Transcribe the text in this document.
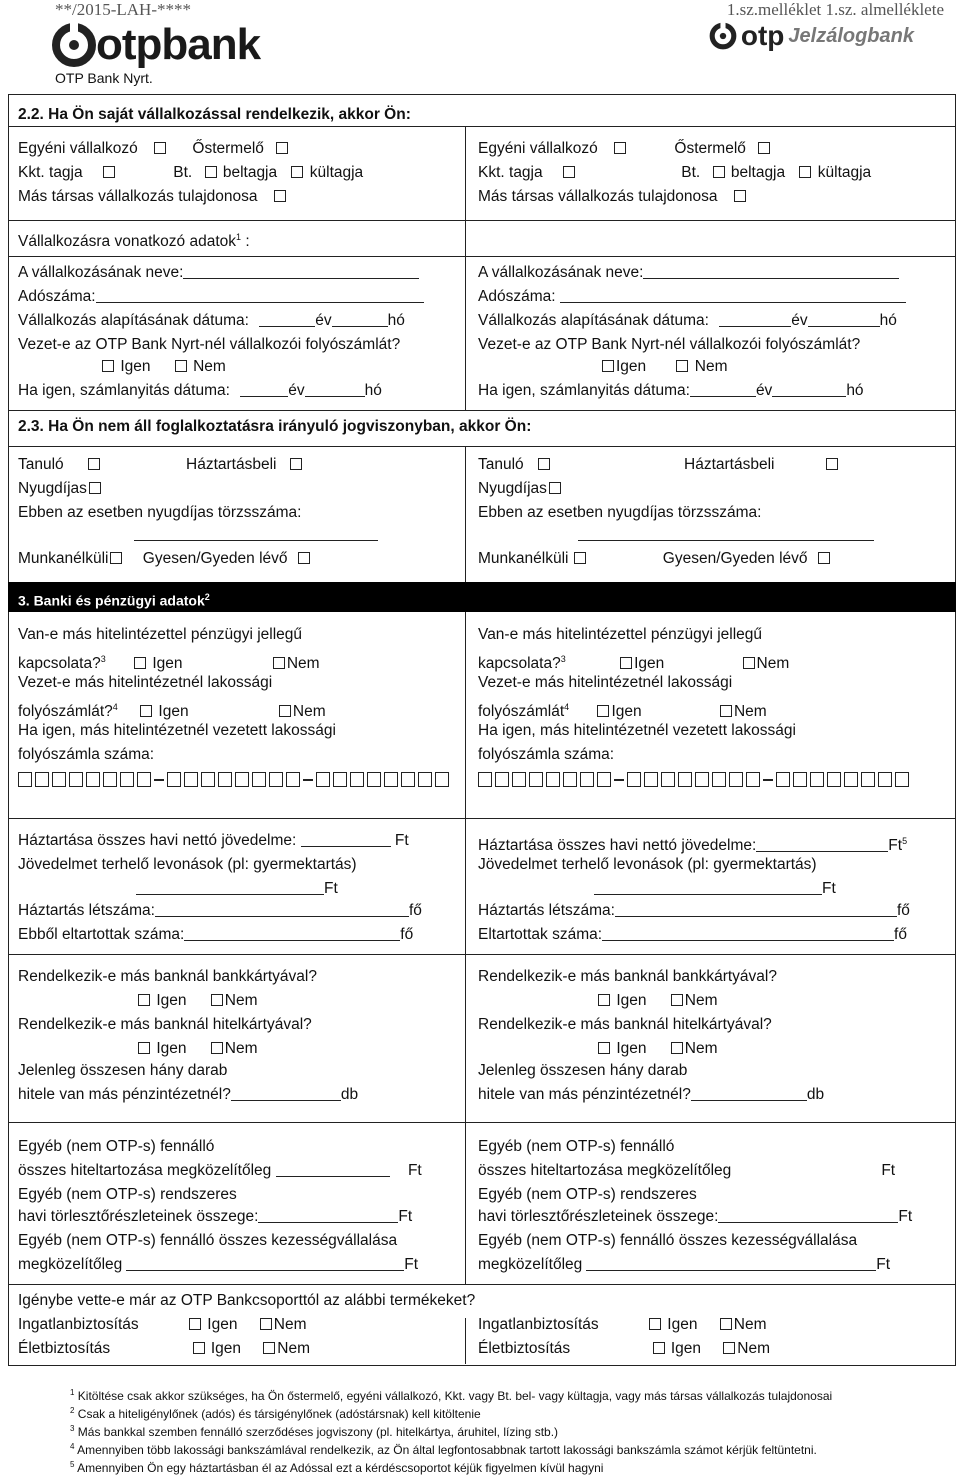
**/2015-LAH-****	1.sz.melléklet 1.sz. almelléklete
otpbank
OTP Bank Nyrt.
otp Jelzálogbank
2.2. Ha Ön saját vállalkozással rendelkezik, akkor Ön:
Egyéni vállalkozó	Őstermelő
Kkt. tagja	Bt. beltagja kültagja
Más társas vállalkozás tulajdonosa
Egyéni vállalkozó	Őstermelő
Kkt. tagja	Bt. beltagja kültagja
Más társas vállalkozás tulajdonosa
Vállalkozásra vonatkozó adatok$^1$ :
A vállalkozásának neve:
Adószáma:
Vállalkozás alapításának dátuma:	év	hó
Vezet-e az OTP Bank Nyrt-nél vállalkozói folyószámlát?
Igen	Nem
Ha igen, számlanyitás dátuma:	év	hó
A vállalkozásának neve:
Adószáma:
Vállalkozás alapításának dátuma:	év	hó
Vezet-e az OTP Bank Nyrt-nél vállalkozói folyószámlát?
Igen	Nem
Ha igen, számlanyitás dátuma:	év	hó
2.3. Ha Ön nem áll foglalkoztatásra irányuló jogviszonyban, akkor Ön:
Tanuló	Háztartásbeli
Nyugdíjas
Ebben az esetben nyugdíjas törzsszáma:
Munkanélküli Gyesen/Gyeden lévő
Tanuló	Háztartásbeli
Nyugdíjas
Ebben az esetben nyugdíjas törzsszáma:
Munkanélküli	Gyesen/Gyeden lévő
3. Banki és pénzügyi adatok$^2$
Van-e más hitelintézettel pénzügyi jellegű
kapcsolata?$^3$	Igen	Nem
Vezet-e más hitelintézetnél lakossági
folyószámlát?$^4$	Igen	Nem
Ha igen, más hitelintézetnél vezetett lakossági
folyószámla száma:
Van-e más hitelintézettel pénzügyi jellegű
kapcsolata?$^3$	Igen	Nem
Vezet-e más hitelintézetnél lakossági
folyószámlát$^4$	Igen	Nem
Ha igen, más hitelintézetnél vezetett lakossági
folyószámla száma:
Háztartása összes havi nettó jövedelme:	Ft
Jövedelmet terhelő levonások (pl: gyermektartás)
Ft
Háztartás létszáma:	fő
Ebből eltartottak száma:	fő
Háztartása összes havi nettó jövedelme:	Ft$^5$
Jövedelmet terhelő levonások (pl: gyermektartás)
Ft
Háztartás létszáma:	fő
Eltartottak száma:	fő
Rendelkezik-e más banknál bankkártyával?
Igen Nem
Rendelkezik-e más banknál hitelkártyával?
Igen Nem
Jelenleg összesen hány darab
hitele van más pénzintézetnél?	db
Rendelkezik-e más banknál bankkártyával?
Igen Nem
Rendelkezik-e más banknál hitelkártyával?
Igen Nem
Jelenleg összesen hány darab
hitele van más pénzintézetnél?	db
Egyéb (nem OTP-s) fennálló
összes hiteltartozása megközelítőleg	Ft
Egyéb (nem OTP-s) rendszeres
havi törlesztőrészleteinek összege:	Ft
Egyéb (nem OTP-s) fennálló összes kezességvállalása
megközelítőleg	Ft
Egyéb (nem OTP-s) fennálló
összes hiteltartozása megközelítőleg	Ft
Egyéb (nem OTP-s) rendszeres
havi törlesztőrészleteinek összege:	Ft
Egyéb (nem OTP-s) fennálló összes kezességvállalása
megközelítőleg	Ft
Igénybe vette-e már az OTP Bankcsoporttól az alábbi termékeket?
Ingatlanbiztosítás	Igen Nem
Életbiztosítás	Igen Nem
Ingatlanbiztosítás	Igen Nem
Életbiztosítás	Igen Nem
$^1$ Kitöltése csak akkor szükséges, ha Ön őstermelő, egyéni vállalkozó, Kkt. vagy Bt. bel- vagy kültagja, vagy más társas vállalkozás tulajdonosai
$^2$ Csak a hiteligénylőnek (adós) és társigénylőnek (adóstársnak) kell kitöltenie
$^3$ Más bankkal szemben fennálló szerződéses jogviszony (pl. hitelkártya, áruhitel, lízing stb.)
$^4$ Amennyiben több lakossági bankszámlával rendelkezik, az Ön által legfontosabbnak tartott lakossági bankszámla számot kérjük feltüntetni.
$^5$ Amennyiben Ön egy háztartásban él az Adóssal ezt a kérdéscsoportot kéjük figyelmen kívül hagyni
